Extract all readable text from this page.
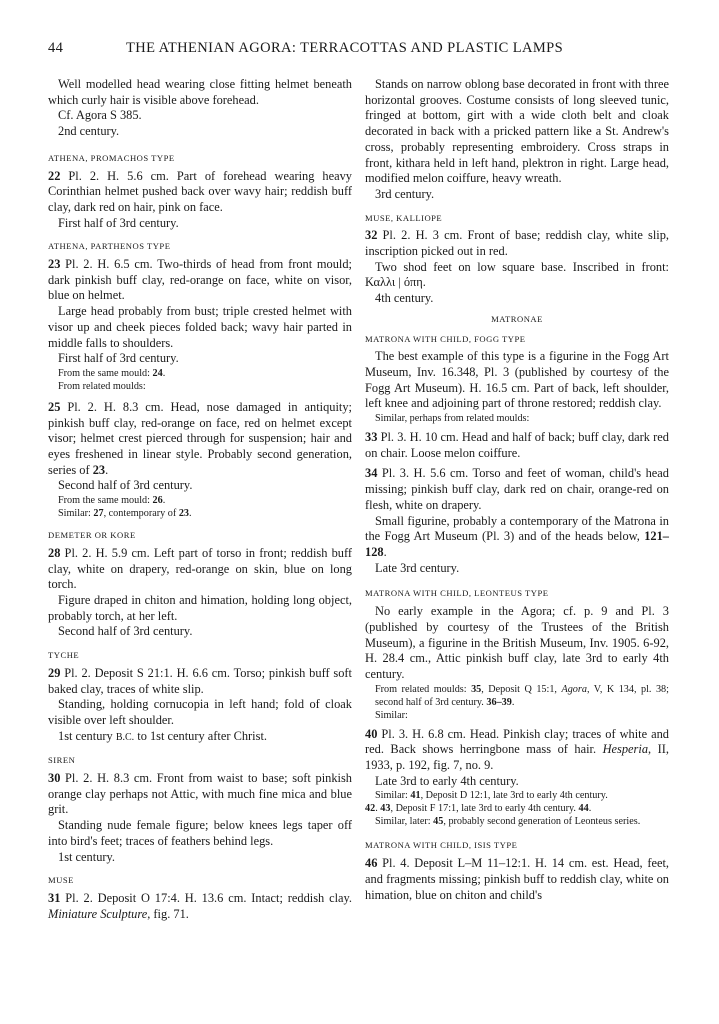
44	THE ATHENIAN AGORA: TERRACOTTAS AND PLASTIC LAMPS

Well modelled head wearing close fitting helmet beneath which curly hair is visible above forehead.

Cf. Agora S 385.

2nd century.

ATHENA, PROMACHOS TYPE

22 Pl. 2. H. 5.6 cm. Part of forehead wearing heavy Corinthian helmet pushed back over wavy hair; reddish buff clay, dark red on hair, pink on face.

First half of 3rd century.

ATHENA, PARTHENOS TYPE

23 Pl. 2. H. 6.5 cm. Two-thirds of head from front mould; dark pinkish buff clay, red-orange on face, white on visor, blue on helmet.

Large head probably from bust; triple crested helmet with visor up and cheek pieces folded back; wavy hair parted in middle falls to shoulders.

First half of 3rd century.

From the same mould: 24.

From related moulds:

25 Pl. 2. H. 8.3 cm. Head, nose damaged in antiquity; pinkish buff clay, red-orange on face, red on helmet except visor; helmet crest pierced through for suspension; hair and eyes freshened in linear style. Probably second generation, series of 23.

Second half of 3rd century.

From the same mould: 26.

Similar: 27, contemporary of 23.

DEMETER OR KORE

28 Pl. 2. H. 5.9 cm. Left part of torso in front; reddish buff clay, white on drapery, red-orange on skin, blue on long torch.

Figure draped in chiton and himation, holding long object, probably torch, at her left.

Second half of 3rd century.

TYCHE

29 Pl. 2. Deposit S 21:1. H. 6.6 cm. Torso; pinkish buff soft baked clay, traces of white slip.

Standing, holding cornucopia in left hand; fold of cloak visible over left shoulder.

1st century B.C. to 1st century after Christ.

SIREN

30 Pl. 2. H. 8.3 cm. Front from waist to base; soft pinkish orange clay perhaps not Attic, with much fine mica and blue grit.

Standing nude female figure; below knees legs taper off into bird's feet; traces of feathers behind legs.

1st century.

MUSE

31 Pl. 2. Deposit O 17:4. H. 13.6 cm. Intact; reddish clay. Miniature Sculpture, fig. 71.

Stands on narrow oblong base decorated in front with three horizontal grooves. Costume consists of long sleeved tunic, fringed at bottom, girt with a wide cloth belt and cloak decorated in back with a pricked pattern like a St. Andrew's cross, probably representing embroidery. Cross straps in front, kithara held in left hand, plektron in right. Large head, modified melon coiffure, heavy wreath.

3rd century.

MUSE, KALLIOPE

32 Pl. 2. H. 3 cm. Front of base; reddish clay, white slip, inscription picked out in red.

Two shod feet on low square base. Inscribed in front: Καλλι | όπη.

4th century.

MATRONAE
MATRONA WITH CHILD, FOGG TYPE

The best example of this type is a figurine in the Fogg Art Museum, Inv. 16.348, Pl. 3 (published by courtesy of the Fogg Art Museum). H. 16.5 cm. Part of back, left shoulder, left knee and adjoining part of throne restored; reddish clay.

Similar, perhaps from related moulds:

33 Pl. 3. H. 10 cm. Head and half of back; buff clay, dark red on chair. Loose melon coiffure.

34 Pl. 3. H. 5.6 cm. Torso and feet of woman, child's head missing; pinkish buff clay, dark red on chair, orange-red on flesh, white on drapery.

Small figurine, probably a contemporary of the Matrona in the Fogg Art Museum (Pl. 3) and of the heads below, 121–128.

Late 3rd century.

MATRONA WITH CHILD, LEONTEUS TYPE

No early example in the Agora; cf. p. 9 and Pl. 3 (published by courtesy of the Trustees of the British Museum), a figurine in the British Museum, Inv. 1905. 6-92, H. 28.4 cm., Attic pinkish buff clay, late 3rd to early 4th century.

From related moulds: 35, Deposit Q 15:1, Agora, V, K 134, pl. 38; second half of 3rd century. 36–39.

Similar:

40 Pl. 3. H. 6.8 cm. Head. Pinkish clay; traces of white and red. Back shows herringbone mass of hair. Hesperia, II, 1933, p. 192, fig. 7, no. 9.

Late 3rd to early 4th century.

Similar: 41, Deposit D 12:1, late 3rd to early 4th century.

42. 43, Deposit F 17:1, late 3rd to early 4th century. 44.

Similar, later: 45, probably second generation of Leonteus series.

MATRONA WITH CHILD, ISIS TYPE

46 Pl. 4. Deposit L–M 11–12:1. H. 14 cm. est. Head, feet, and fragments missing; pinkish buff to reddish clay, white on himation, blue on chiton and child's
